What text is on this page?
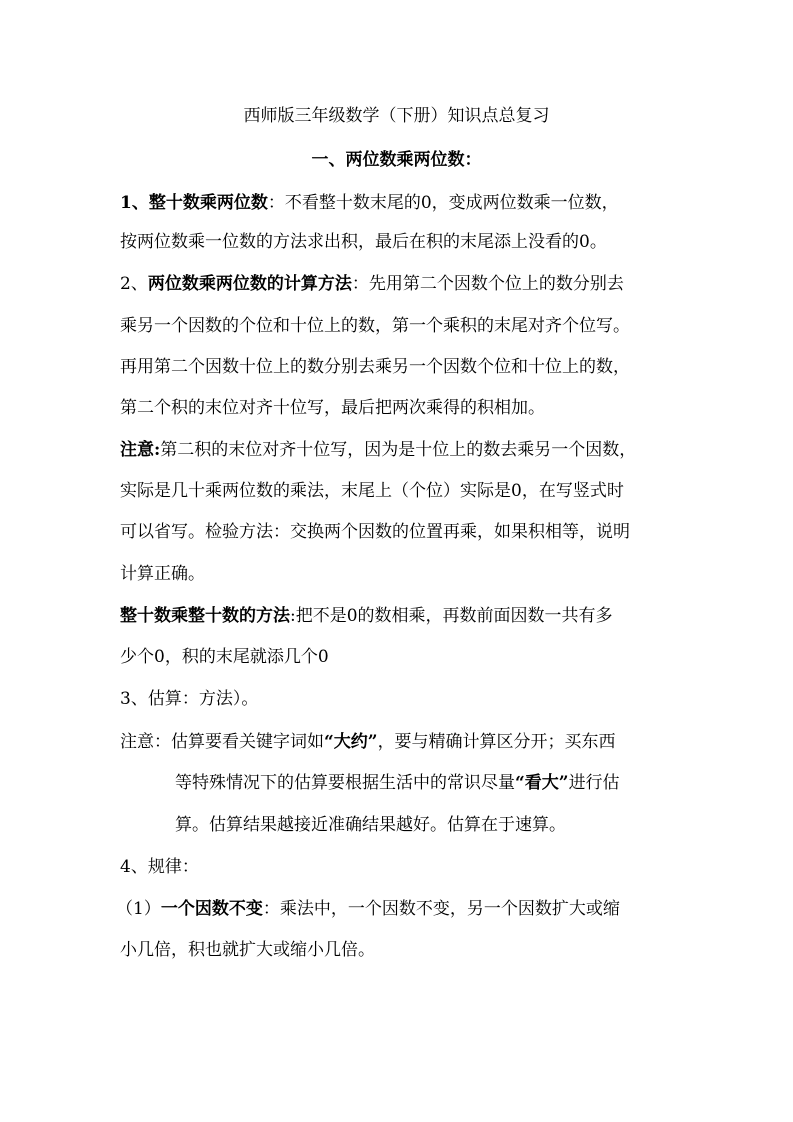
西师版三年级数学（下册）知识点总复习
一、两位数乘两位数：
1、整十数乘两位数：不看整十数末尾的0，变成两位数乘一位数，
按两位数乘一位数的方法求出积，最后在积的末尾添上没看的0。
2、两位数乘两位数的计算方法：先用第二个因数个位上的数分别去
乘另一个因数的个位和十位上的数，第一个乘积的末尾对齐个位写。
再用第二个因数十位上的数分别去乘另一个因数个位和十位上的数，
第二个积的末位对齐十位写，最后把两次乘得的积相加。
注意:第二积的末位对齐十位写，因为是十位上的数去乘另一个因数，
实际是几十乘两位数的乘法，末尾上（个位）实际是0，在写竖式时
可以省写。检验方法：交换两个因数的位置再乘，如果积相等，说明
计算正确。
整十数乘整十数的方法:把不是0的数相乘，再数前面因数一共有多
少个0，积的末尾就添几个0
3、估算：方法）。
注意：估算要看关键字词如“大约”，要与精确计算区分开；买东西
等特殊情况下的估算要根据生活中的常识尽量“看大”进行估
算。估算结果越接近准确结果越好。估算在于速算。
4、规律：
（1）一个因数不变：乘法中，一个因数不变，另一个因数扩大或缩
小几倍，积也就扩大或缩小几倍。
